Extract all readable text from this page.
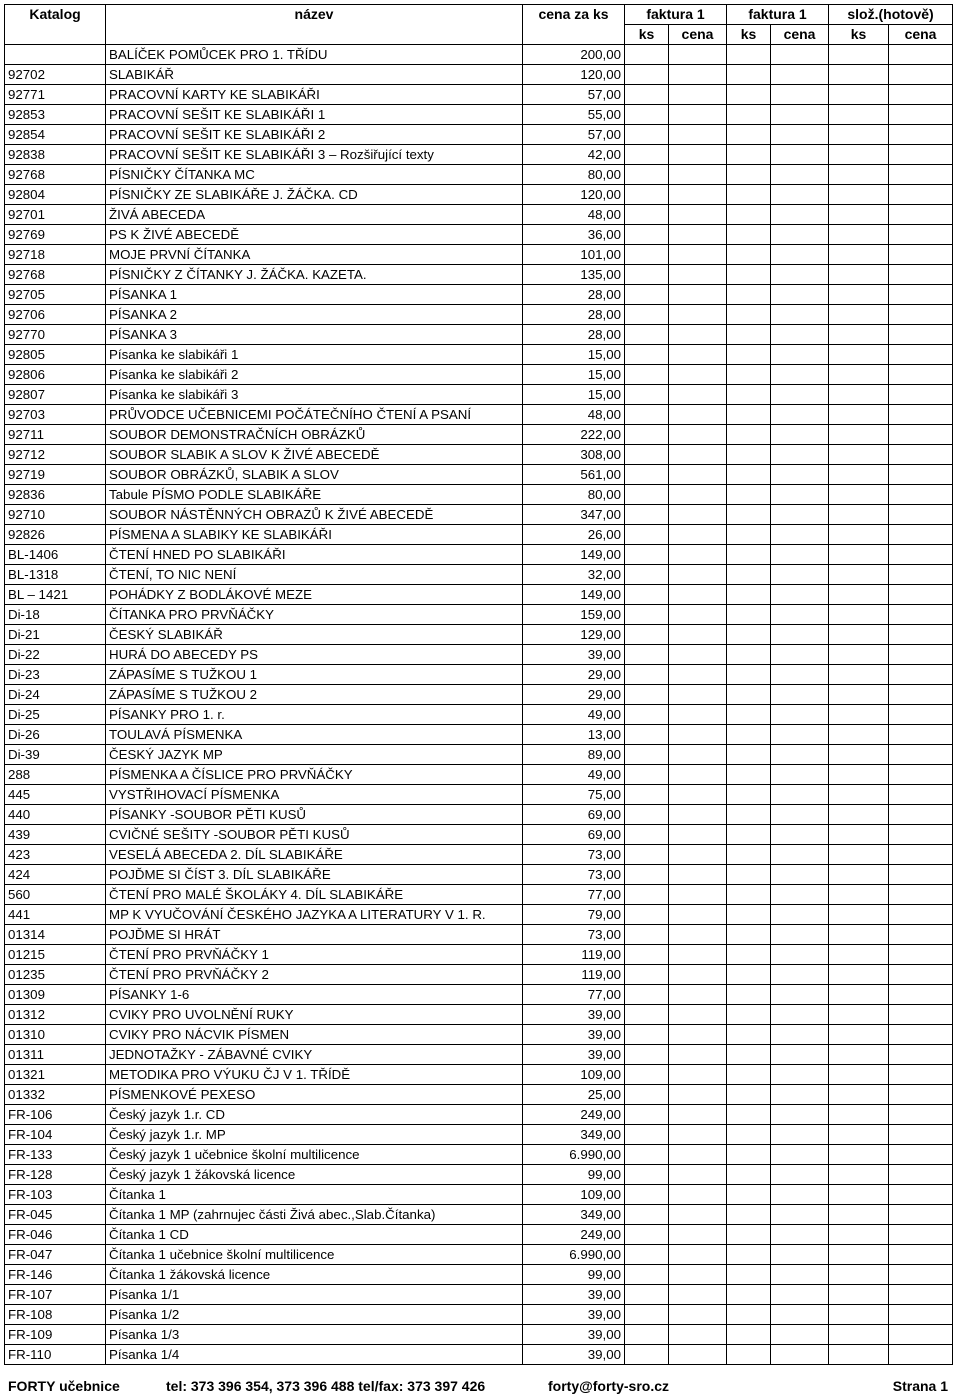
Katalog	název	cena za ks	faktura 1		faktura 1		slož.(hotově)	
			ks	cena	ks	cena	ks	cena
	BALÍČEK POMŮCEK PRO 1. TŘÍDU	200,00						
92702	SLABIKÁŘ	120,00						
92771	PRACOVNÍ KARTY KE SLABIKÁŘI	57,00						
92853	PRACOVNÍ SEŠIT KE SLABIKÁŘI 1	55,00						
92854	PRACOVNÍ SEŠIT KE SLABIKÁŘI 2	57,00						
92838	PRACOVNÍ SEŠIT KE SLABIKÁŘI 3 – Rozšiřující texty	42,00						
92768	PÍSNIČKY ČÍTANKA MC	80,00						
92804	PÍSNIČKY ZE SLABIKÁŘE J. ŽÁČKA. CD	120,00						
92701	ŽIVÁ ABECEDA	48,00						
92769	PS K ŽIVÉ ABECEDĚ	36,00						
92718	MOJE PRVNÍ ČÍTANKA	101,00						
92768	PÍSNIČKY Z ČÍTANKY J. ŽÁČKA. KAZETA.	135,00						
92705	PÍSANKA 1	28,00						
92706	PÍSANKA 2	28,00						
92770	PÍSANKA 3	28,00						
92805	Písanka ke slabikáři 1	15,00						
92806	Písanka ke slabikáři 2	15,00						
92807	Písanka ke slabikáři 3	15,00						
92703	PRŮVODCE UČEBNICEMI POČÁTEČNÍHO ČTENÍ A PSANÍ	48,00						
92711	SOUBOR DEMONSTRAČNÍCH OBRÁZKŮ	222,00						
92712	SOUBOR SLABIK A SLOV K ŽIVÉ ABECEDĚ	308,00						
92719	SOUBOR OBRÁZKŮ, SLABIK A SLOV	561,00						
92836	Tabule PÍSMO PODLE SLABIKÁŘE	80,00						
92710	SOUBOR NÁSTĚNNÝCH OBRAZŮ K ŽIVÉ ABECEDĚ	347,00						
92826	PÍSMENA A SLABIKY KE SLABIKÁŘI	26,00						
BL-1406	ČTENÍ HNED PO SLABIKÁŘI	149,00						
BL-1318	ČTENÍ, TO NIC NENÍ	32,00						
BL – 1421	POHÁDKY Z BODLÁKOVÉ MEZE	149,00						
Di-18	ČÍTANKA PRO PRVŇÁČKY	159,00						
Di-21	ČESKÝ SLABIKÁŘ	129,00						
Di-22	HURÁ DO ABECEDY PS	39,00						
Di-23	ZÁPASÍME S TUŽKOU 1	29,00						
Di-24	ZÁPASÍME S TUŽKOU 2	29,00						
Di-25	PÍSANKY PRO 1. r.	49,00						
Di-26	TOULAVÁ PÍSMENKA	13,00						
Di-39	ČESKÝ JAZYK MP	89,00						
288	PÍSMENKA A ČÍSLICE PRO PRVŇÁČKY	49,00						
445	VYSTŘIHOVACÍ PÍSMENKA	75,00						
440	PÍSANKY -SOUBOR PĚTI KUSŮ	69,00						
439	CVIČNÉ SEŠITY -SOUBOR PĚTI KUSŮ	69,00						
423	VESELÁ ABECEDA 2. DÍL SLABIKÁŘE	73,00						
424	POJĎME SI ČÍST 3. DÍL SLABIKÁŘE	73,00						
560	ČTENÍ PRO MALÉ ŠKOLÁKY 4. DÍL SLABIKÁŘE	77,00						
441	MP K VYUČOVÁNÍ ČESKÉHO JAZYKA A LITERATURY V 1. R.	79,00						
01314	POJĎME SI HRÁT	73,00						
01215	ČTENÍ PRO PRVŇÁČKY 1	119,00						
01235	ČTENÍ PRO PRVŇÁČKY 2	119,00						
01309	PÍSANKY 1-6	77,00						
01312	CVIKY PRO UVOLNĚNÍ RUKY	39,00						
01310	CVIKY PRO NÁCVIK PÍSMEN	39,00						
01311	JEDNOTAŽKY - ZÁBAVNÉ CVIKY	39,00						
01321	METODIKA PRO VÝUKU ČJ V 1. TŘÍDĚ	109,00						
01332	PÍSMENKOVÉ PEXESO	25,00						
FR-106	Český jazyk 1.r. CD	249,00						
FR-104	Český jazyk 1.r. MP	349,00						
FR-133	Český jazyk 1 učebnice školní multilicence	6.990,00						
FR-128	Český jazyk 1 žákovská licence	99,00						
FR-103	Čítanka 1	109,00						
FR-045	Čítanka 1 MP (zahrnujec části Živá abec.,Slab.Čítanka)	349,00						
FR-046	Čítanka 1 CD	249,00						
FR-047	Čítanka 1 učebnice školní multilicence	6.990,00						
FR-146	Čítanka 1 žákovská licence	99,00						
FR-107	Písanka 1/1	39,00						
FR-108	Písanka 1/2	39,00						
FR-109	Písanka 1/3	39,00						
FR-110	Písanka 1/4	39,00						
FORTY učebnice	tel: 373 396 354, 373 396 488 tel/fax: 373 397 426	forty@forty-sro.cz	Strana 1
